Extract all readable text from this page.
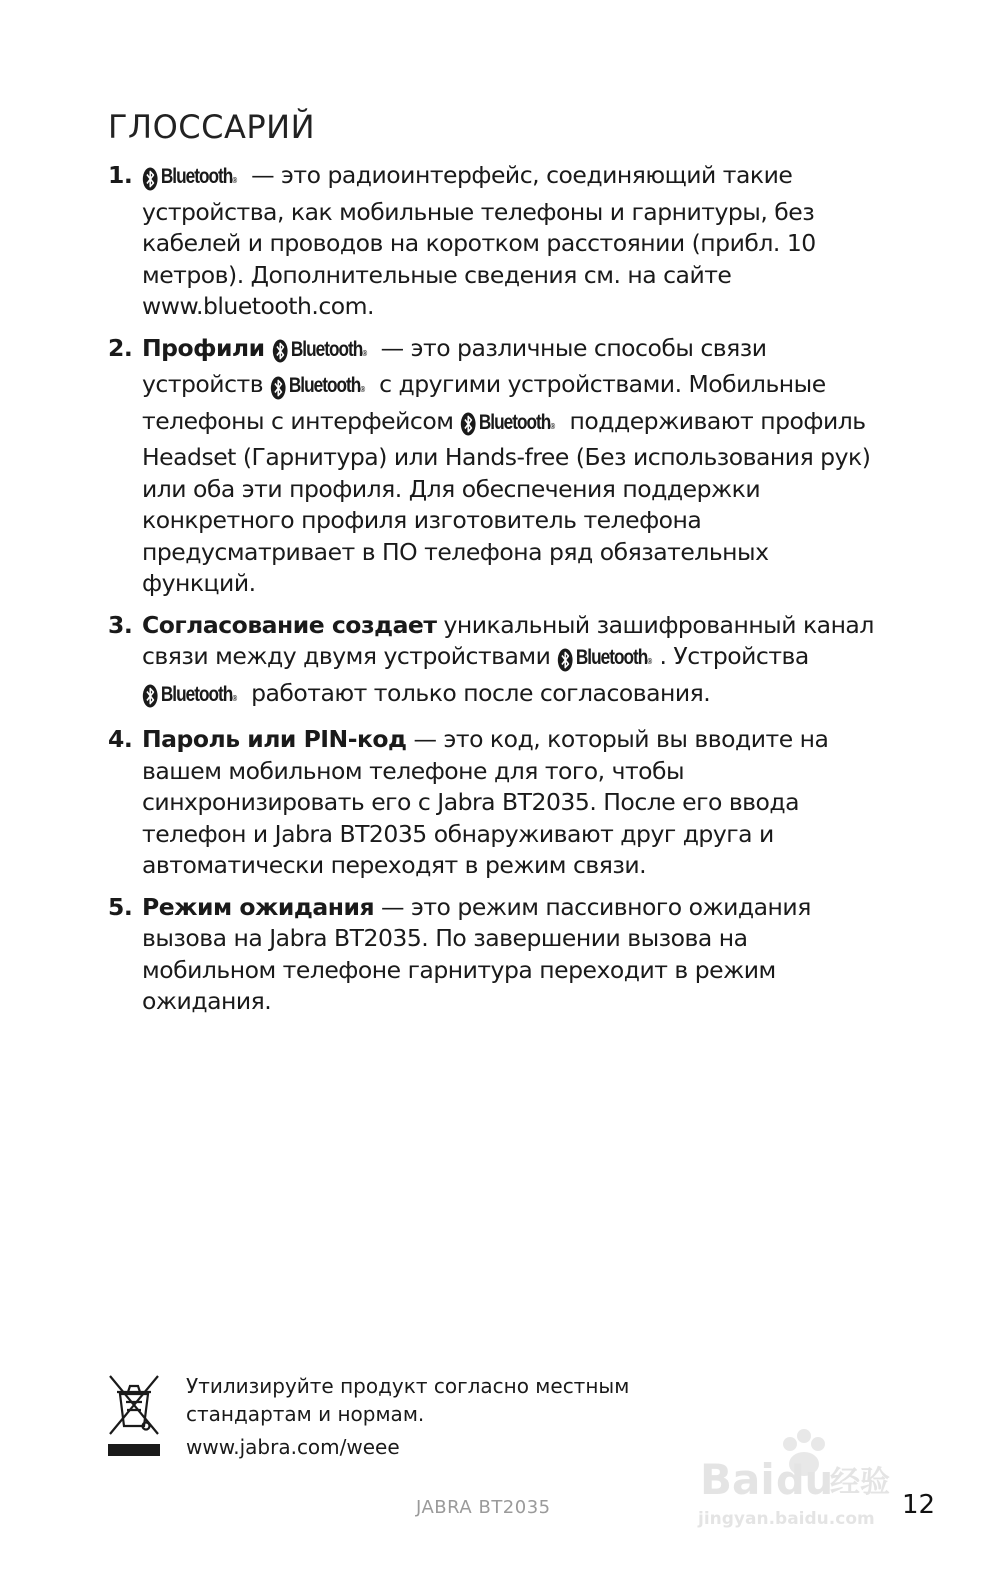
ГЛОССАРИЙ
1. Bluetooth ® — это радиоинтерфейс, соединяющий такие устройства, как мобильные телефоны и гарнитуры, без кабелей и проводов на коротком расстоянии (прибл. 10 метров). Дополнительные сведения см. на сайте www.bluetooth.com.
2. Профили Bluetooth ® — это различные способы связи устройств Bluetooth ® с другими устройствами. Мобильные телефоны с интерфейсом Bluetooth ® поддерживают профиль Headset (Гарнитура) или Hands-free (Без использования рук) или оба эти профиля. Для обеспечения поддержки конкретного профиля изготовитель телефона предусматривает в ПО телефона ряд обязательных функций.
3. Согласование создает уникальный зашифрованный канал связи между двумя устройствами Bluetooth ® . Устройства
Bluetooth ® работают только после согласования.
4. Пароль или PIN-код — это код, который вы вводите на вашем мобильном телефоне для того, чтобы синхронизировать его с Jabra BT2035. После его ввода телефон и Jabra BT2035 обнаруживают друг друга и автоматически переходят в режим связи.
5. Режим ожидания — это режим пассивного ожидания вызова на Jabra BT2035. По завершении вызова на мобильном телефоне гарнитура переходит в режим ожидания.
Утилизируйте продукт согласно местным
стандартам и нормам.
www.jabra.com/weee
Bai du
经验
jingyan.baidu.com
JABRA BT2035	12
